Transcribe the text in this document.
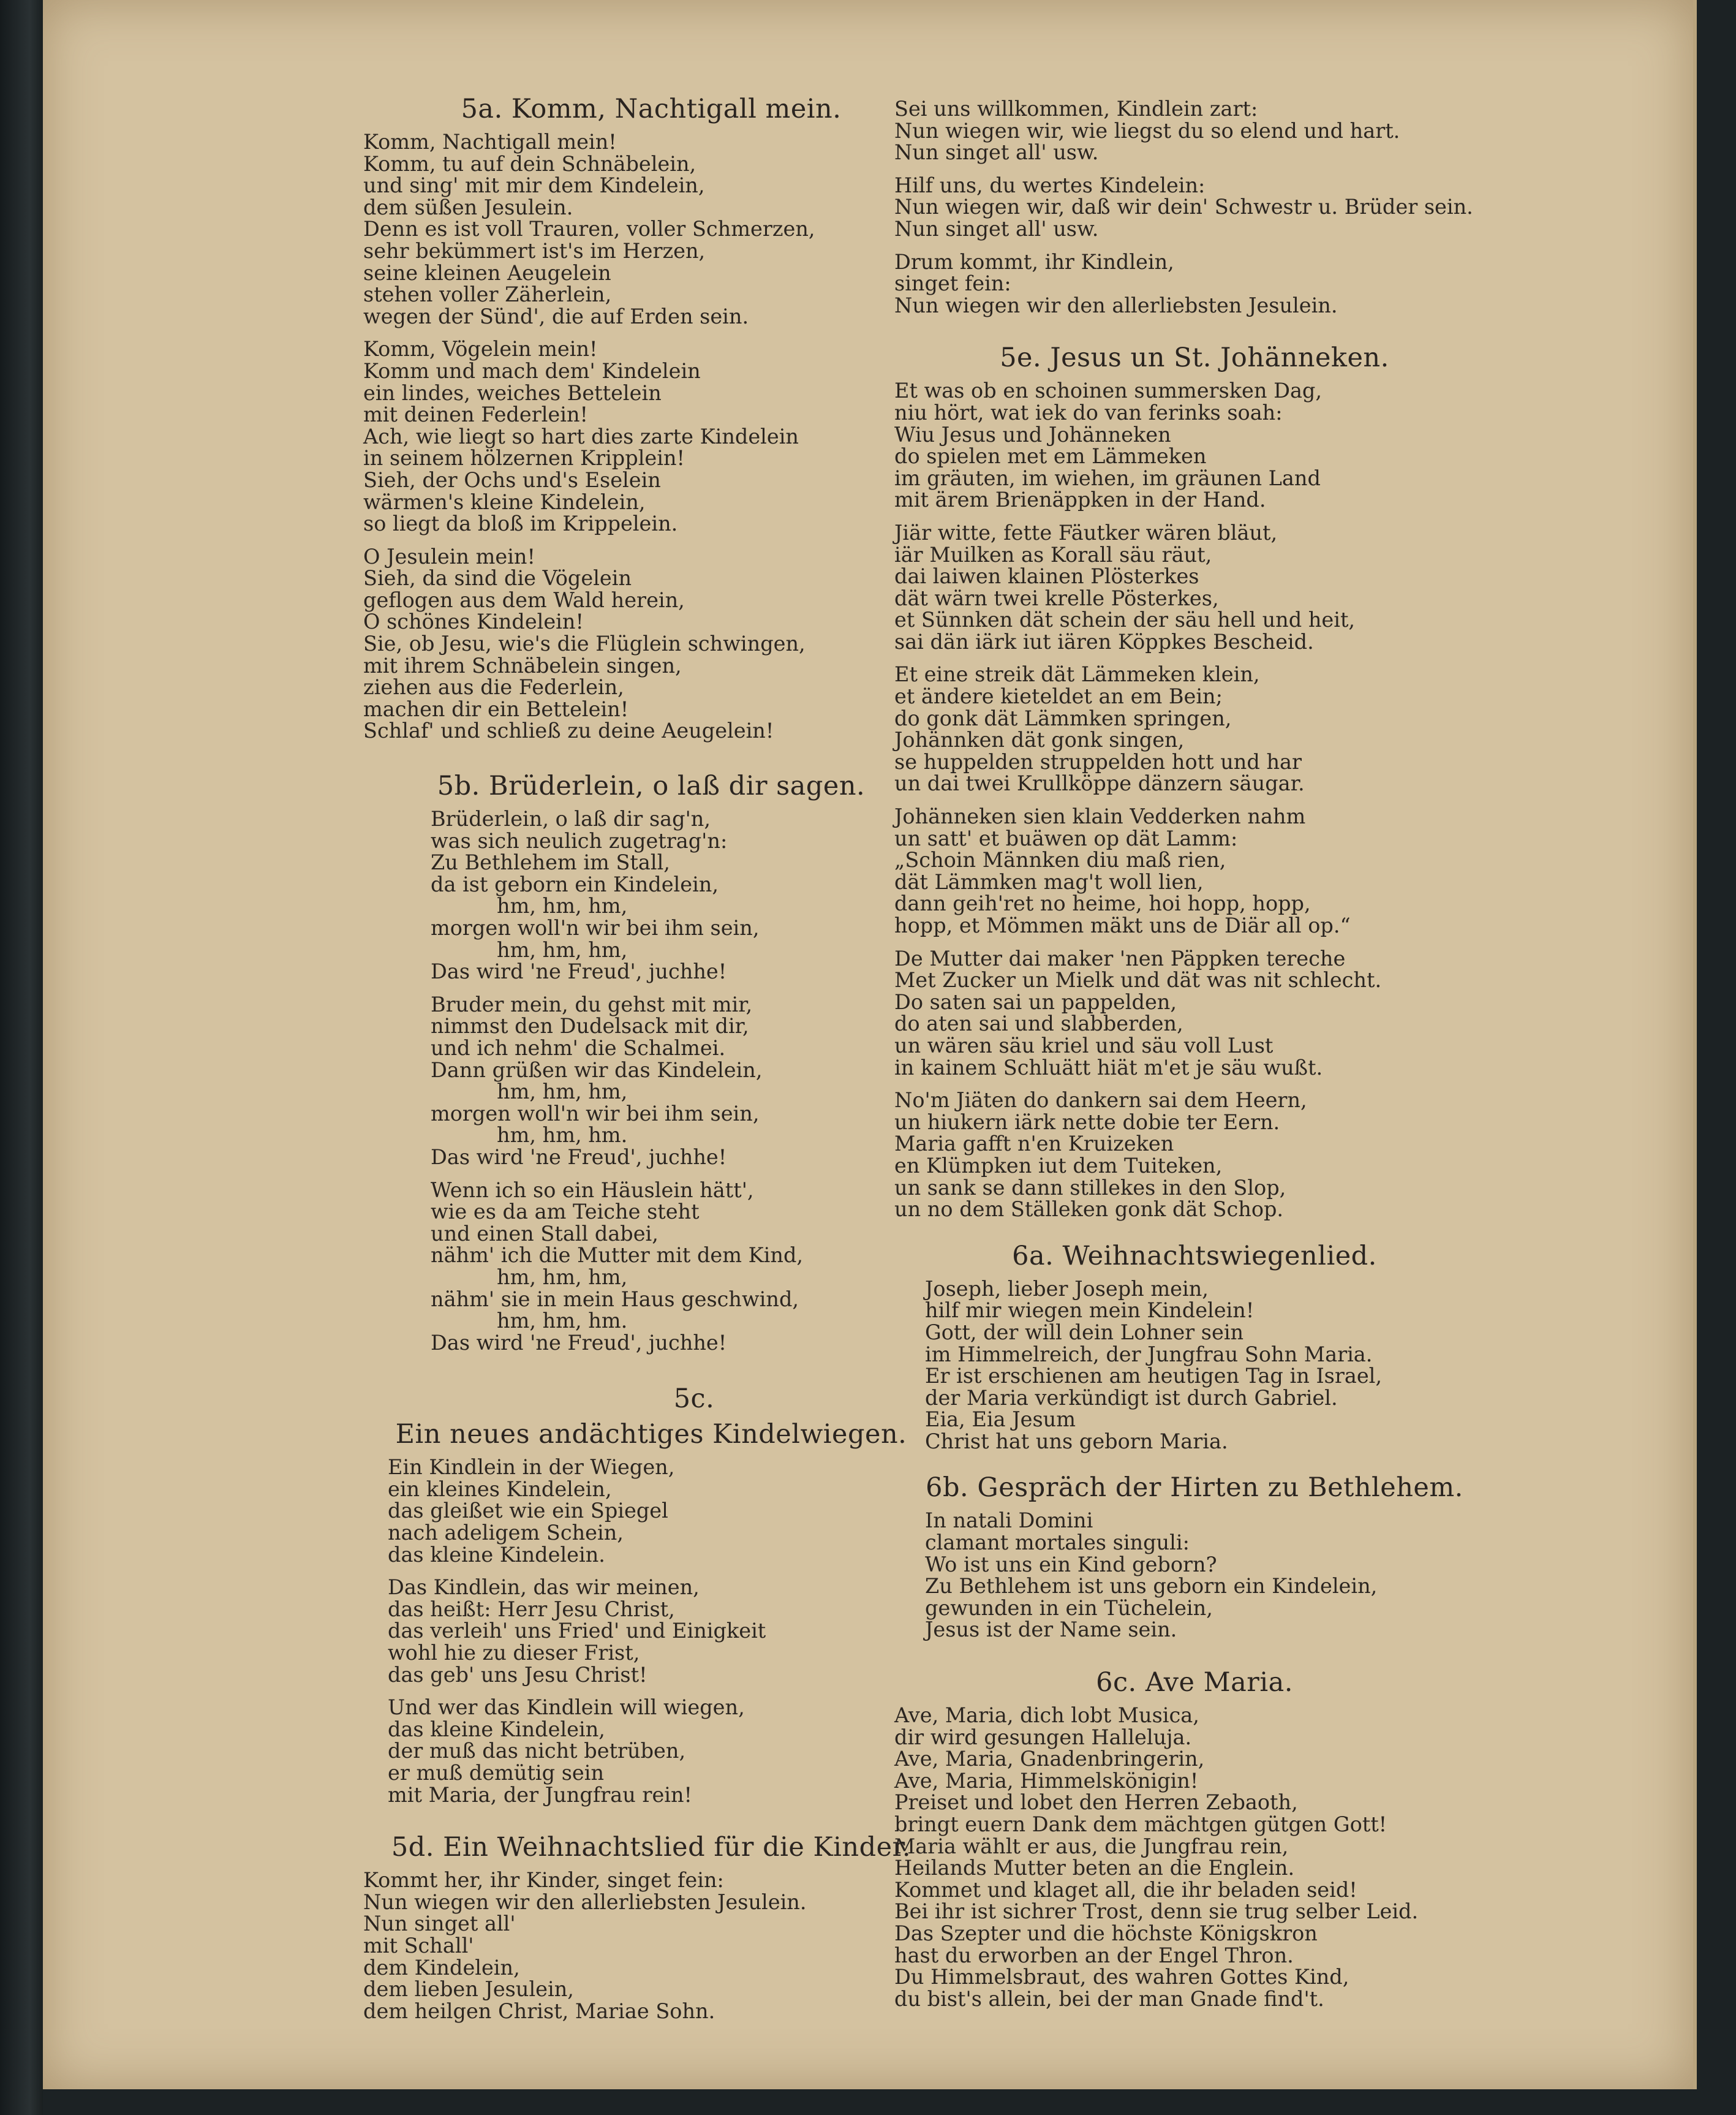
5a. Komm, Nachtigall mein.
Komm, Nachtigall mein!
Komm, tu auf dein Schnäbelein,
und sing' mit mir dem Kindelein,
dem süßen Jesulein.
Denn es ist voll Trauren, voller Schmerzen,
sehr bekümmert ist's im Herzen,
seine kleinen Aeugelein
stehen voller Zäherlein,
wegen der Sünd', die auf Erden sein.
Komm, Vögelein mein!
Komm und mach dem' Kindelein
ein lindes, weiches Bettelein
mit deinen Federlein!
Ach, wie liegt so hart dies zarte Kindelein
in seinem hölzernen Kripplein!
Sieh, der Ochs und's Eselein
wärmen's kleine Kindelein,
so liegt da bloß im Krippelein.
O Jesulein mein!
Sieh, da sind die Vögelein
geflogen aus dem Wald herein,
O schönes Kindelein!
Sie, ob Jesu, wie's die Flüglein schwingen,
mit ihrem Schnäbelein singen,
ziehen aus die Federlein,
machen dir ein Bettelein!
Schlaf' und schließ zu deine Aeugelein!
5b. Brüderlein, o laß dir sagen.
Brüderlein, o laß dir sag'n,
was sich neulich zugetrag'n:
Zu Bethlehem im Stall,
da ist geborn ein Kindelein,
hm, hm, hm,
morgen woll'n wir bei ihm sein,
hm, hm, hm,
Das wird 'ne Freud', juchhe!
Bruder mein, du gehst mit mir,
nimmst den Dudelsack mit dir,
und ich nehm' die Schalmei.
Dann grüßen wir das Kindelein,
hm, hm, hm,
morgen woll'n wir bei ihm sein,
hm, hm, hm.
Das wird 'ne Freud', juchhe!
Wenn ich so ein Häuslein hätt',
wie es da am Teiche steht
und einen Stall dabei,
nähm' ich die Mutter mit dem Kind,
hm, hm, hm,
nähm' sie in mein Haus geschwind,
hm, hm, hm.
Das wird 'ne Freud', juchhe!
5c.
Ein neues andächtiges Kindelwiegen.
Ein Kindlein in der Wiegen,
ein kleines Kindelein,
das gleißet wie ein Spiegel
nach adeligem Schein,
das kleine Kindelein.
Das Kindlein, das wir meinen,
das heißt: Herr Jesu Christ,
das verleih' uns Fried' und Einigkeit
wohl hie zu dieser Frist,
das geb' uns Jesu Christ!
Und wer das Kindlein will wiegen,
das kleine Kindelein,
der muß das nicht betrüben,
er muß demütig sein
mit Maria, der Jungfrau rein!
5d. Ein Weihnachtslied für die Kinder.
Kommt her, ihr Kinder, singet fein:
Nun wiegen wir den allerliebsten Jesulein.
Nun singet all'
mit Schall'
dem Kindelein,
dem lieben Jesulein,
dem heilgen Christ, Mariae Sohn.
Sei uns willkommen, Kindlein zart:
Nun wiegen wir, wie liegst du so elend und hart.
Nun singet all' usw.
Hilf uns, du wertes Kindelein:
Nun wiegen wir, daß wir dein' Schwestr u. Brüder sein.
Nun singet all' usw.
Drum kommt, ihr Kindlein,
singet fein:
Nun wiegen wir den allerliebsten Jesulein.
5e. Jesus un St. Johänneken.
Et was ob en schoinen summersken Dag,
niu hört, wat iek do van ferinks soah:
Wiu Jesus und Johänneken
do spielen met em Lämmeken
im gräuten, im wiehen, im gräunen Land
mit ärem Brienäppken in der Hand.
Jiär witte, fette Fäutker wären bläut,
iär Muilken as Korall säu räut,
dai laiwen klainen Plösterkes
dät wärn twei krelle Pösterkes,
et Sünnken dät schein der säu hell und heit,
sai dän iärk iut iären Köppkes Bescheid.
Et eine streik dät Lämmeken klein,
et ändere kieteldet an em Bein;
do gonk dät Lämmken springen,
Johännken dät gonk singen,
se huppelden struppelden hott und har
un dai twei Krullköppe dänzern säugar.
Johänneken sien klain Vedderken nahm
un satt' et buäwen op dät Lamm:
„Schoin Männken diu maß rien,
dät Lämmken mag't woll lien,
dann geih'ret no heime, hoi hopp, hopp,
hopp, et Mömmen mäkt uns de Diär all op.“
De Mutter dai maker 'nen Päppken tereche
Met Zucker un Mielk und dät was nit schlecht.
Do saten sai un pappelden,
do aten sai und slabberden,
un wären säu kriel und säu voll Lust
in kainem Schluätt hiät m'et je säu wußt.
No'm Jiäten do dankern sai dem Heern,
un hiukern iärk nette dobie ter Eern.
Maria gafft n'en Kruizeken
en Klümpken iut dem Tuiteken,
un sank se dann stillekes in den Slop,
un no dem Ställeken gonk dät Schop.
6a. Weihnachtswiegenlied.
Joseph, lieber Joseph mein,
hilf mir wiegen mein Kindelein!
Gott, der will dein Lohner sein
im Himmelreich, der Jungfrau Sohn Maria.
Er ist erschienen am heutigen Tag in Israel,
der Maria verkündigt ist durch Gabriel.
Eia, Eia Jesum
Christ hat uns geborn Maria.
6b. Gespräch der Hirten zu Bethlehem.
In natali Domini
clamant mortales singuli:
Wo ist uns ein Kind geborn?
Zu Bethlehem ist uns geborn ein Kindelein,
gewunden in ein Tüchelein,
Jesus ist der Name sein.
6c. Ave Maria.
Ave, Maria, dich lobt Musica,
dir wird gesungen Halleluja.
Ave, Maria, Gnadenbringerin,
Ave, Maria, Himmelskönigin!
Preiset und lobet den Herren Zebaoth,
bringt euern Dank dem mächtgen gütgen Gott!
Maria wählt er aus, die Jungfrau rein,
Heilands Mutter beten an die Englein.
Kommet und klaget all, die ihr beladen seid!
Bei ihr ist sichrer Trost, denn sie trug selber Leid.
Das Szepter und die höchste Königskron
hast du erworben an der Engel Thron.
Du Himmelsbraut, des wahren Gottes Kind,
du bist's allein, bei der man Gnade find't.
